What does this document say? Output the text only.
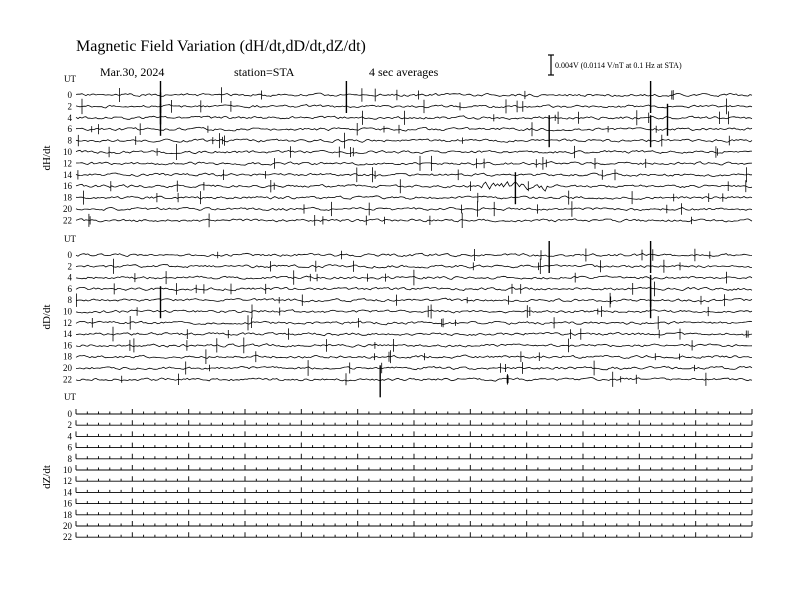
Magnetic Field Variation (dH/dt,dD/dt,dZ/dt)
Mar.30, 2024	station=STA	4 sec averages	0.004V (0.0114 V/nT at 0.1 Hz at STA)
UT
dH/dt
0
2
4
6
8
10
12
14
16
18
20
22
UT
dD/dt
0
2
4
6
8
10
12
14
16
18
20
22
UT
dZ/dt
0
2
4
6
8
10
12
14
16
18
20
22
